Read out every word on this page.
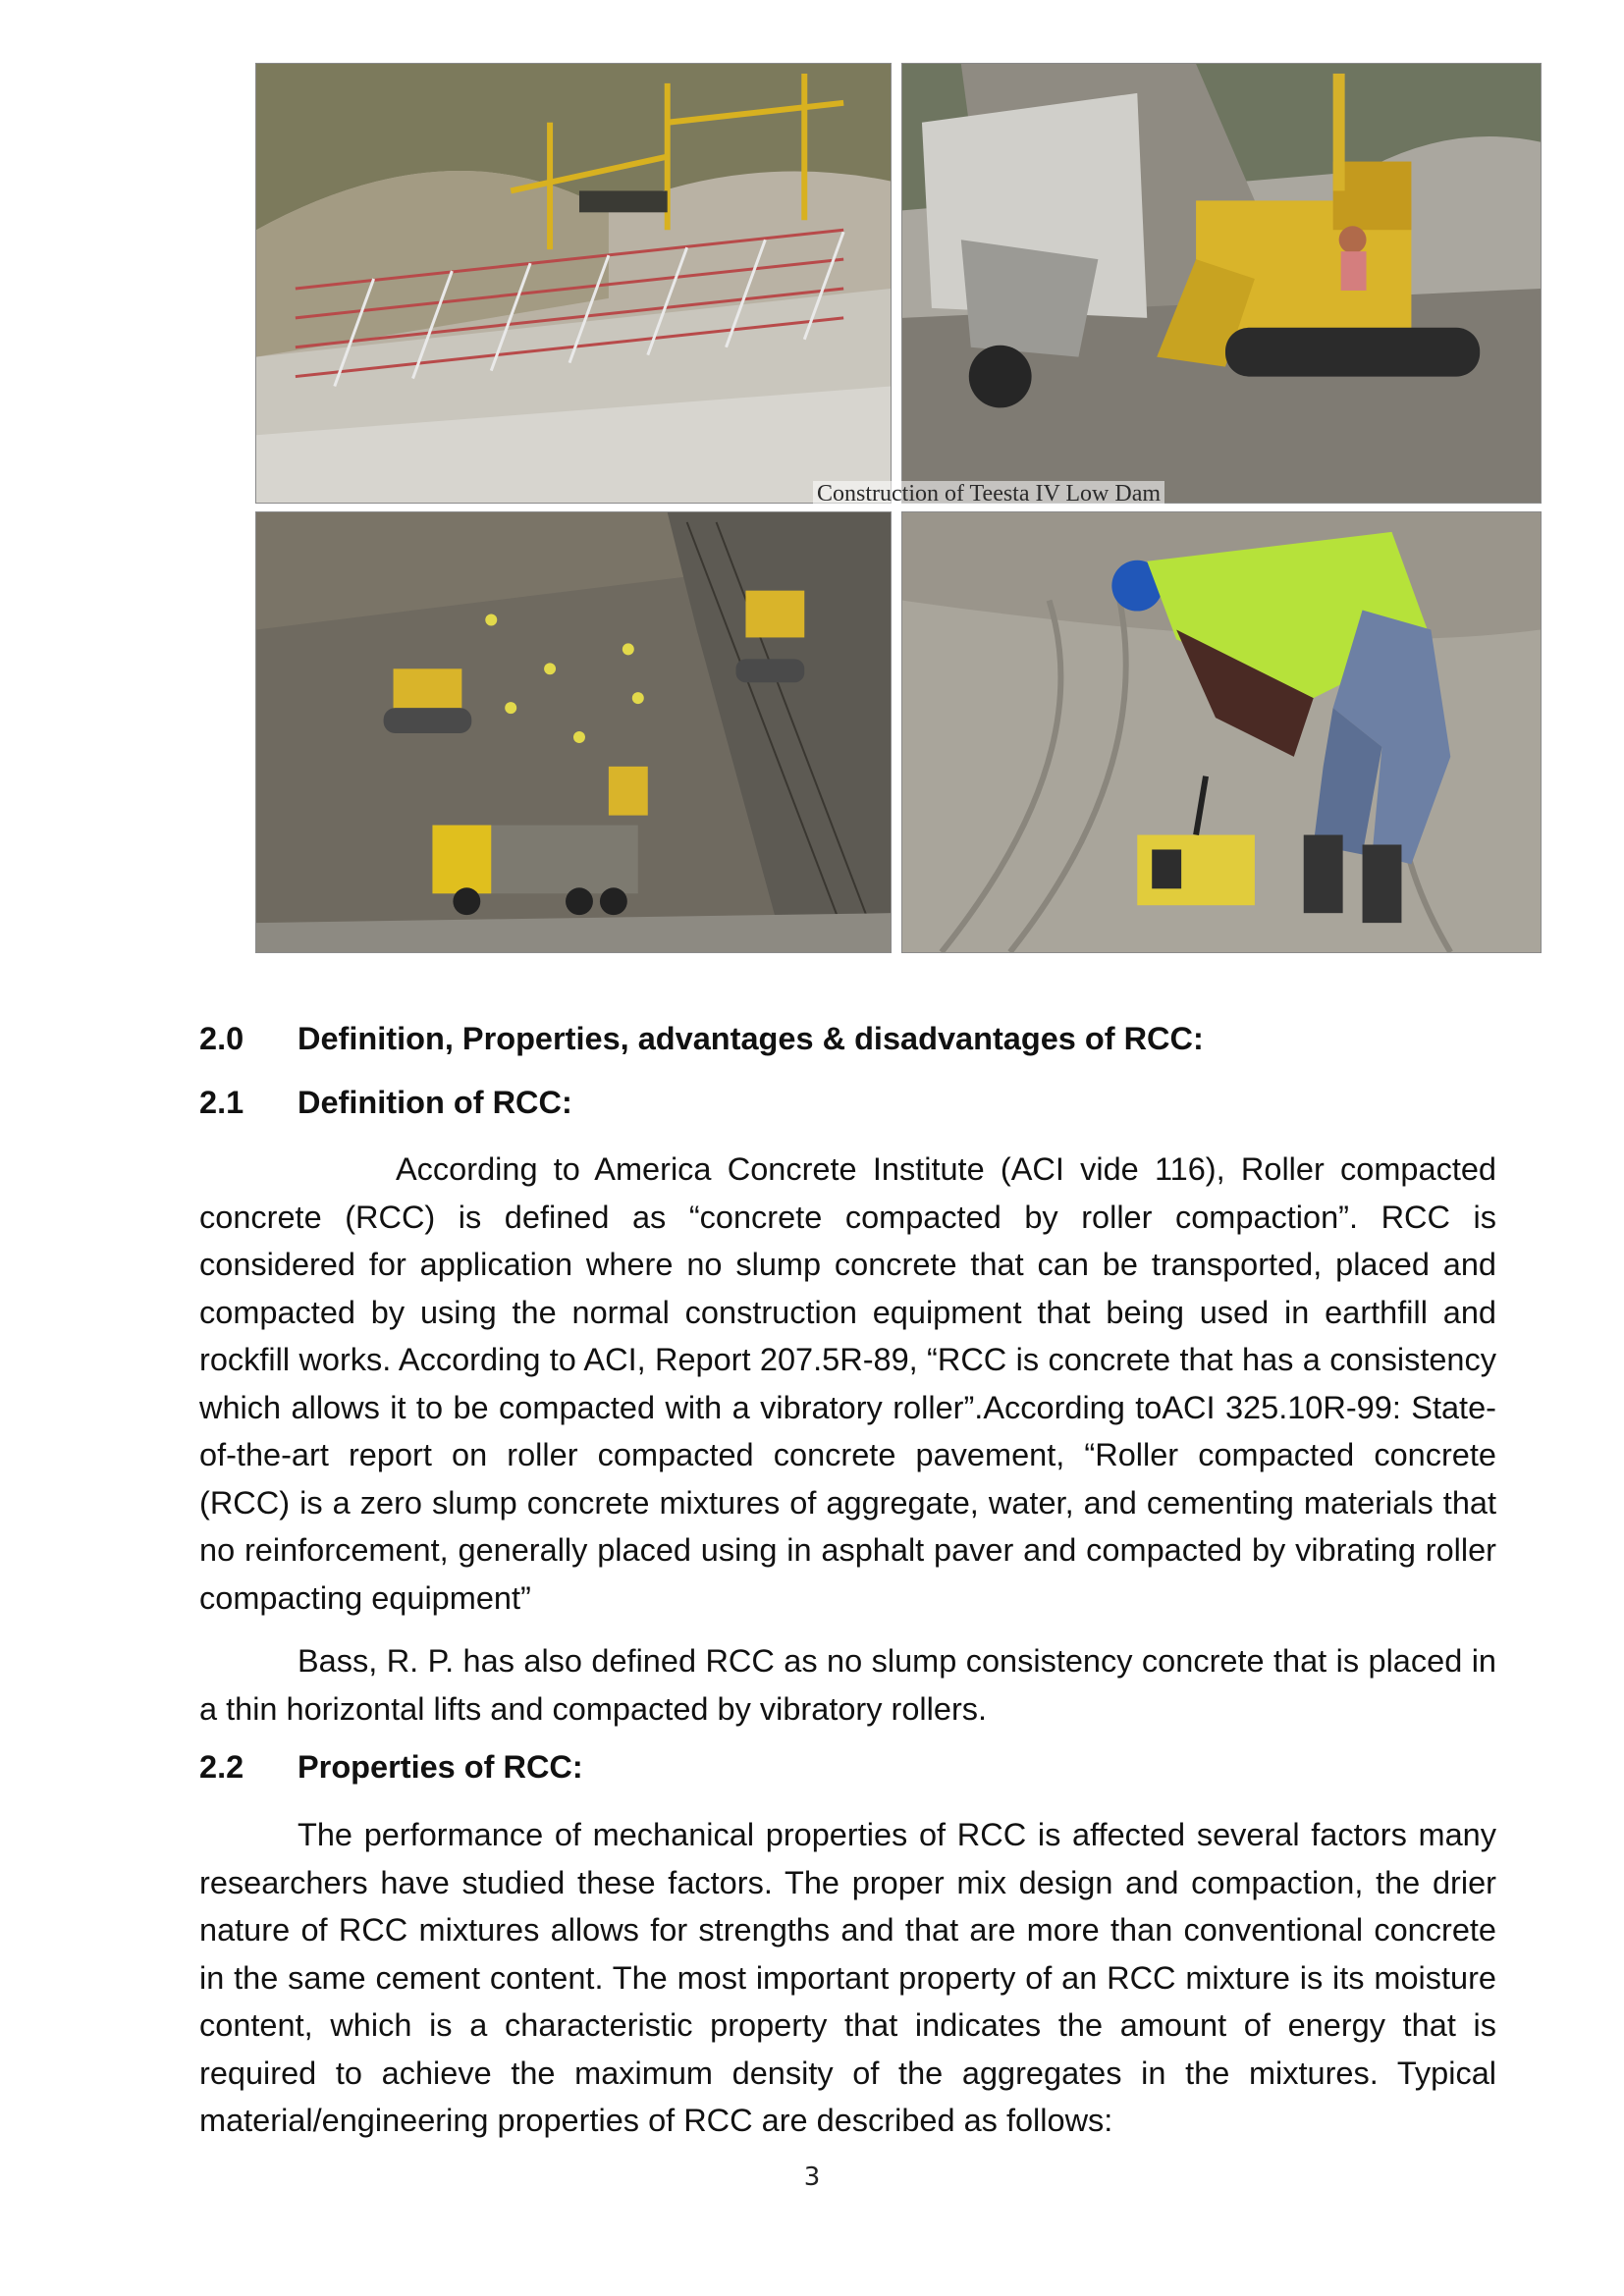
Construction of Teesta IV Low Dam
2.0 Definition, Properties, advantages & disadvantages of RCC:
2.1 Definition of RCC:

According to America Concrete Institute (ACI vide 116), Roller compacted concrete (RCC) is defined as “concrete compacted by roller compaction”. RCC is considered for application where no slump concrete that can be transported, placed and compacted by using the normal construction equipment that being used in earthfill and rockfill works. According to ACI, Report 207.5R-89, “RCC is concrete that has a consistency which allows it to be compacted with a vibratory roller”.According toACI 325.10R-99: State-of-the-art report on roller compacted concrete pavement, “Roller compacted concrete (RCC) is a zero slump concrete mixtures of aggregate, water, and cementing materials that no reinforcement, generally placed using in asphalt paver and compacted by vibrating roller compacting equipment”

Bass, R. P. has also defined RCC as no slump consistency concrete that is placed in a thin horizontal lifts and compacted by vibratory rollers.

2.2 Properties of RCC:

The performance of mechanical properties of RCC is affected several factors many researchers have studied these factors. The proper mix design and compaction, the drier nature of RCC mixtures allows for strengths and that are more than conventional concrete in the same cement content. The most important property of an RCC mixture is its moisture content, which is a characteristic property that indicates the amount of energy that is required to achieve the maximum density of the aggregates in the mixtures. Typical material/engineering properties of RCC are described as follows:

3
